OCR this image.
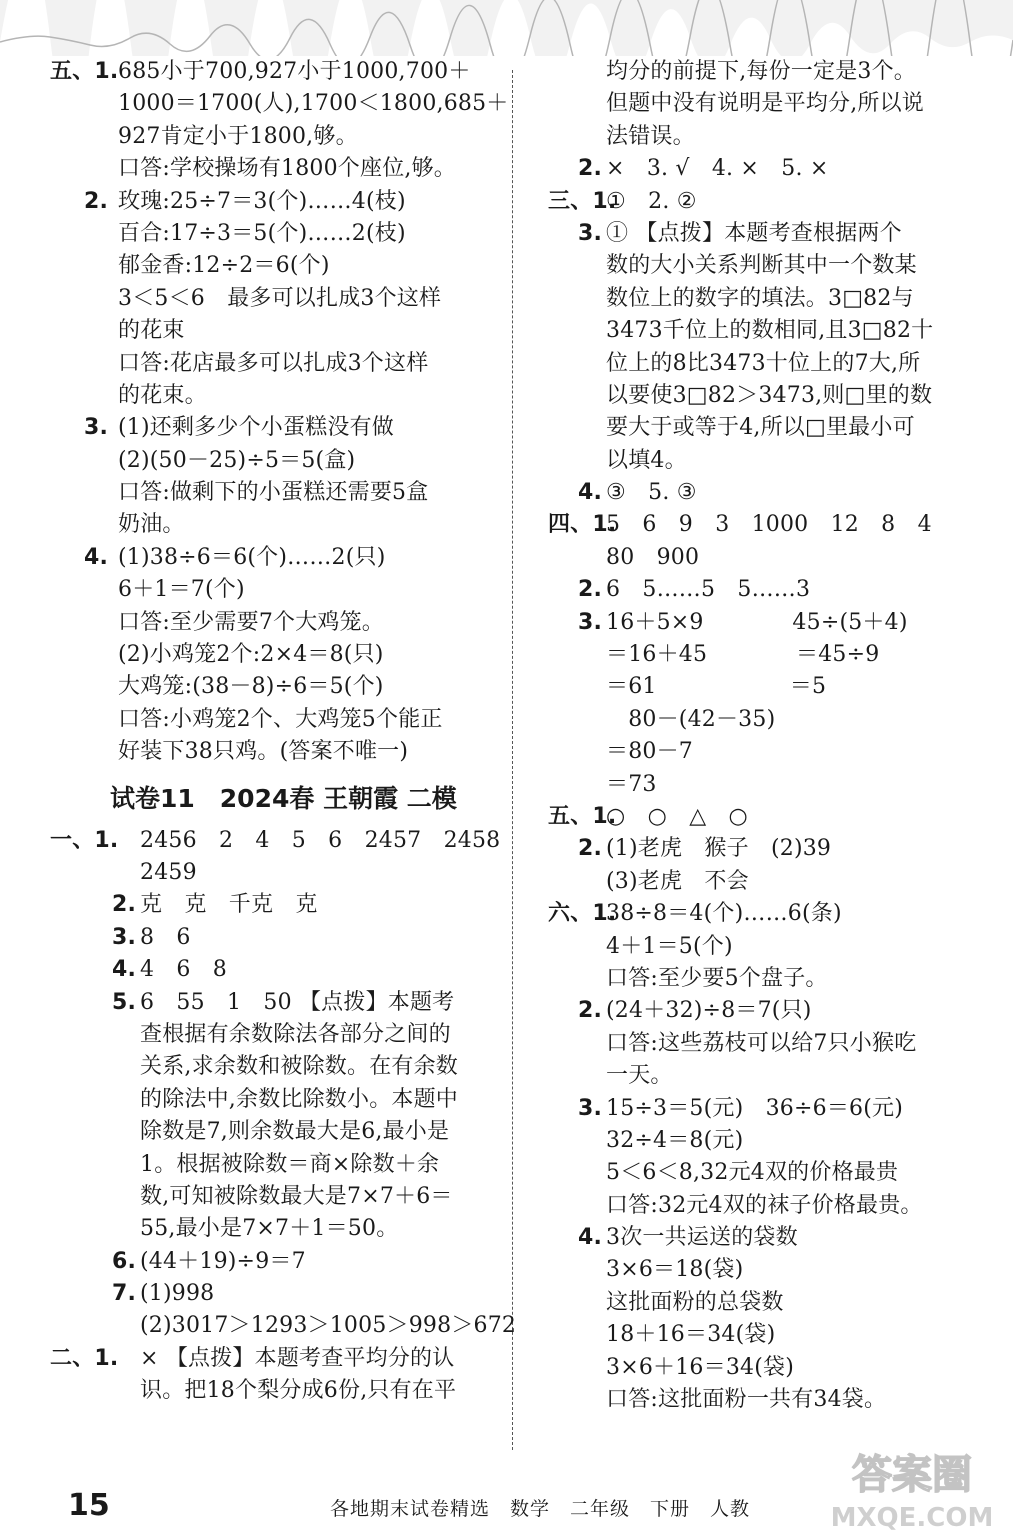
五、1. 685小于700,927小于1000,700＋
1000＝1700(人),1700＜1800,685＋
927肯定小于1800,够。
口答:学校操场有1800个座位,够。
2. 玫瑰:25÷7＝3(个)……4(枝)
百合:17÷3＝5(个)……2(枝)
郁金香:12÷2＝6(个)
3＜5＜6　最多可以扎成3个这样
的花束
口答:花店最多可以扎成3个这样
的花束。
3. (1)还剩多少个小蛋糕没有做
(2)(50－25)÷5＝5(盒)
口答:做剩下的小蛋糕还需要5盒
奶油。
4. (1)38÷6＝6(个)……2(只)
6＋1＝7(个)
口答:至少需要7个大鸡笼。
(2)小鸡笼2个:2×4＝8(只)
大鸡笼:(38－8)÷6＝5(个)
口答:小鸡笼2个、大鸡笼5个能正
好装下38只鸡。(答案不唯一)
试卷11　2024春 王朝霞 二模
一、1. 2456　2　4　5　6　2457　2458
2459
2. 克　克　千克　克
3. 8　6
4. 4　6　8
5. 6　55　1　50 【点拨】本题考
查根据有余数除法各部分之间的
关系,求余数和被除数。在有余数
的除法中,余数比除数小。本题中
除数是7,则余数最大是6,最小是
1。根据被除数＝商×除数＋余
数,可知被除数最大是7×7＋6＝
55,最小是7×7＋1＝50。
6. (44＋19)÷9＝7
7. (1)998
(2)3017＞1293＞1005＞998＞672
二、1. × 【点拨】本题考查平均分的认
识。把18个梨分成6份,只有在平
均分的前提下,每份一定是3个。
但题中没有说明是平均分,所以说
法错误。
2. ×　3. √　4. ×　5. ×
三、1.
①　2. ②
3. ① 【点拨】本题考查根据两个
数的大小关系判断其中一个数某
数位上的数字的填法。3□82与
3473千位上的数相同,且3□82十
位上的8比3473十位上的7大,所
以要使3□82＞3473,则□里的数
要大于或等于4,所以□里最小可
以填4。
4. ③　5. ③
四、1.
5　6　9　3　1000　12　8　4
80　900
2. 6　5……5　5……3
3. 16＋5×9　　　　45÷(5＋4)
＝16＋45　　　　＝45÷9
＝61　　　　　　＝5
　80－(42－35)
＝80－7
＝73
五、1.
○　○　△　○
2. (1)老虎　猴子　(2)39
(3)老虎　不会
六、1.
38÷8＝4(个)……6(条)
4＋1＝5(个)
口答:至少要5个盘子。
2. (24＋32)÷8＝7(只)
口答:这些荔枝可以给7只小猴吃
一天。
3. 15÷3＝5(元)　36÷6＝6(元)
32÷4＝8(元)
5＜6＜8,32元4双的价格最贵
口答:32元4双的袜子价格最贵。
4. 3次一共运送的袋数
3×6＝18(袋)
这批面粉的总袋数
18＋16＝34(袋)
3×6＋16＝34(袋)
口答:这批面粉一共有34袋。
15	各地期末试卷精选　数学　二年级　下册　人教
答案圈
MXQE.COM
